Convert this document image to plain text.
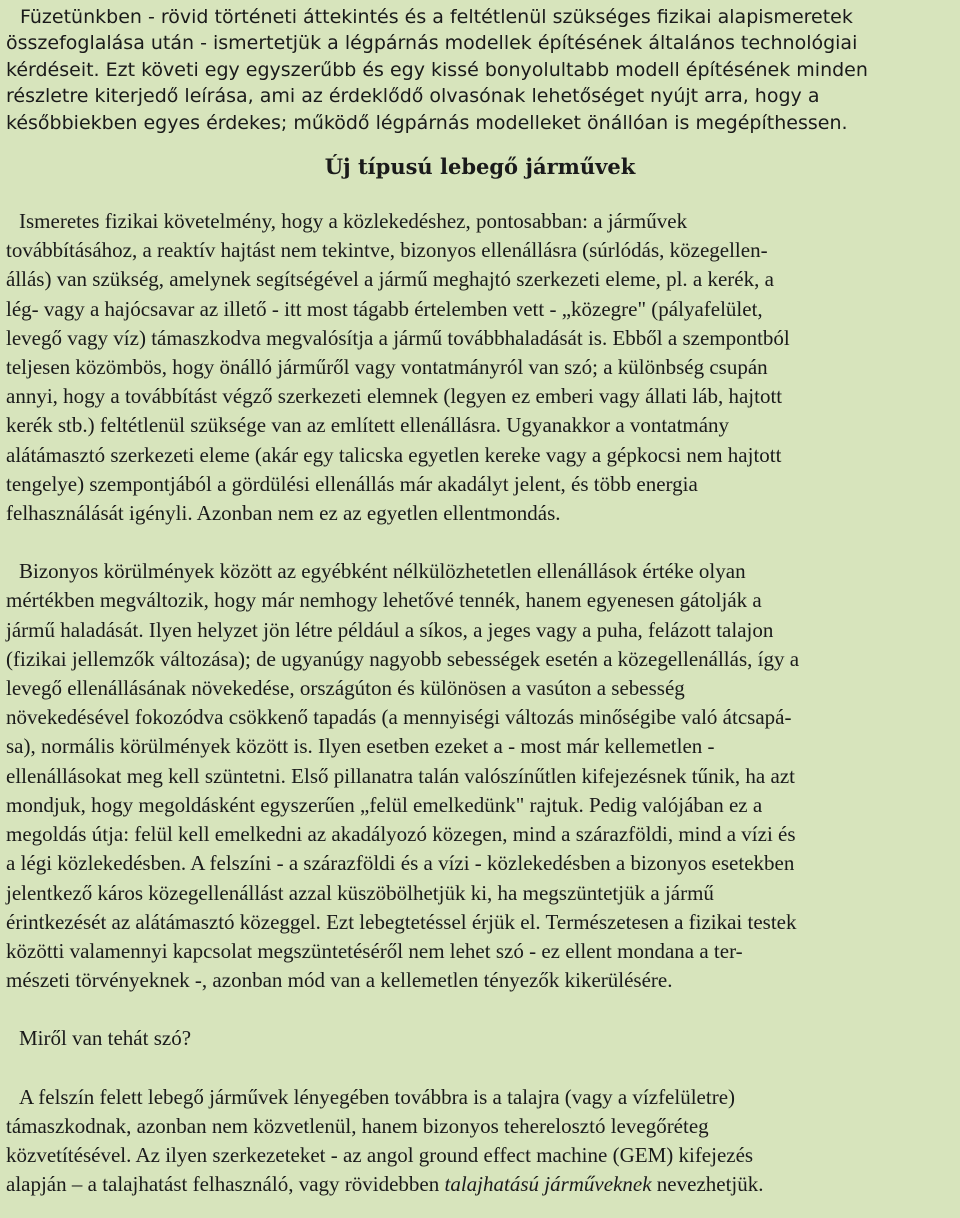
Füzetünkben - rövid történeti áttekintés és a feltétlenül szükséges fizikai alapismeretek
összefoglalása után - ismertetjük a légpárnás modellek építésének általános technológiai
kérdéseit. Ezt követi egy egyszerűbb és egy kissé bonyolultabb modell építésének minden
részletre kiterjedő leírása, ami az érdeklődő olvasónak lehetőséget nyújt arra, hogy a
későbbiekben egyes érdekes; működő légpárnás modelleket önállóan is megépíthessen.
Új típusú lebegő járművek
Ismeretes fizikai követelmény, hogy a közlekedéshez, pontosabban: a járművek
továbbításához, a reaktív hajtást nem tekintve, bizonyos ellenállásra (súrlódás, közegellen-
állás) van szükség, amelynek segítségével a jármű meghajtó szerkezeti eleme, pl. a kerék, a
lég- vagy a hajócsavar az illető - itt most tágabb értelemben vett - „közegre" (pályafelület,
levegő vagy víz) támaszkodva megvalósítja a jármű továbbhaladását is. Ebből a szempontból
teljesen közömbös, hogy önálló járműről vagy vontatmányról van szó; a különbség csupán
annyi, hogy a továbbítást végző szerkezeti elemnek (legyen ez emberi vagy állati láb, hajtott
kerék stb.) feltétlenül szüksége van az említett ellenállásra. Ugyanakkor a vontatmány
alátámasztó szerkezeti eleme (akár egy talicska egyetlen kereke vagy a gépkocsi nem hajtott
tengelye) szempontjából a gördülési ellenállás már akadályt jelent, és több energia
felhasználását igényli. Azonban nem ez az egyetlen ellentmondás.
Bizonyos körülmények között az egyébként nélkülözhetetlen ellenállások értéke olyan
mértékben megváltozik, hogy már nemhogy lehetővé tennék, hanem egyenesen gátolják a
jármű haladását. Ilyen helyzet jön létre például a síkos, a jeges vagy a puha, felázott talajon
(fizikai jellemzők változása); de ugyanúgy nagyobb sebességek esetén a közegellenállás, így a
levegő ellenállásának növekedése, országúton és különösen a vasúton a sebesség
növekedésével fokozódva csökkenő tapadás (a mennyiségi változás minőségibe való átcsapá-
sa), normális körülmények között is. Ilyen esetben ezeket a - most már kellemetlen -
ellenállásokat meg kell szüntetni. Első pillanatra talán valószínűtlen kifejezésnek tűnik, ha azt
mondjuk, hogy megoldásként egyszerűen „felül emelkedünk" rajtuk. Pedig valójában ez a
megoldás útja: felül kell emelkedni az akadályozó közegen, mind a szárazföldi, mind a vízi és
a légi közlekedésben. A felszíni - a szárazföldi és a vízi - közlekedésben a bizonyos esetekben
jelentkező káros közegellenállást azzal küszöbölhetjük ki, ha megszüntetjük a jármű
érintkezését az alátámasztó közeggel. Ezt lebegtetéssel érjük el. Természetesen a fizikai testek
közötti valamennyi kapcsolat megszüntetéséről nem lehet szó - ez ellent mondana a ter-
mészeti törvényeknek -, azonban mód van a kellemetlen tényezők kikerülésére.
Miről van tehát szó?
A felszín felett lebegő járművek lényegében továbbra is a talajra (vagy a vízfelületre)
támaszkodnak, azonban nem közvetlenül, hanem bizonyos teherelosztó levegőréteg
közvetítésével. Az ilyen szerkezeteket - az angol ground effect machine (GEM) kifejezés
alapján – a talajhatást felhasználó, vagy rövidebben talajhatású járműveknek nevezhetjük.
